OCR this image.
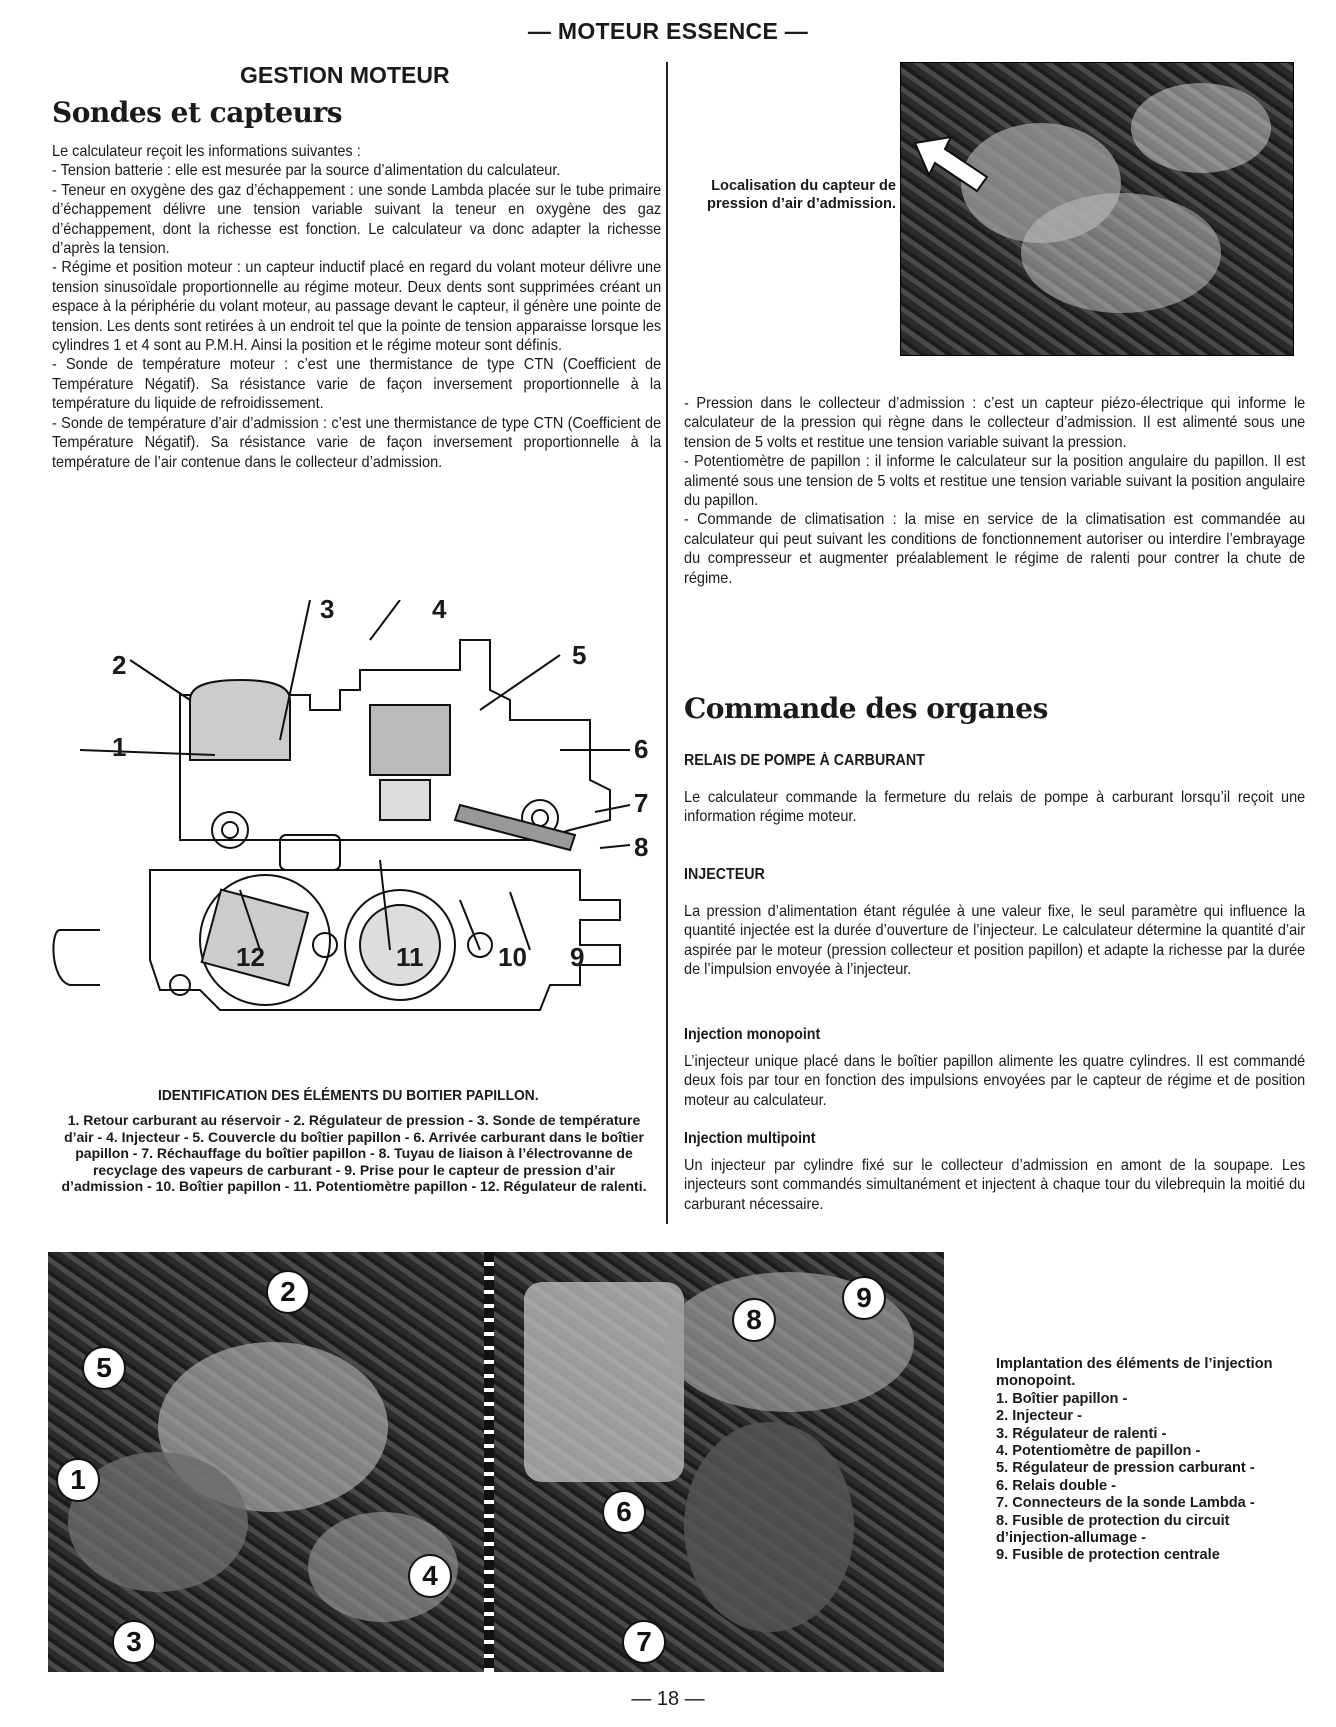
— MOTEUR ESSENCE —
GESTION MOTEUR
Sondes et capteurs

Le calculateur reçoit les informations suivantes :

- Tension batterie : elle est mesurée par la source d’alimentation du calculateur.

- Teneur en oxygène des gaz d’échappement : une sonde Lambda placée sur le tube primaire d’échappement délivre une tension variable suivant la teneur en oxygène des gaz d’échappement, dont la richesse est fonction. Le calculateur va donc adapter la richesse d’après la tension.

- Régime et position moteur : un capteur inductif placé en regard du volant moteur délivre une tension sinusoïdale proportionnelle au régime moteur. Deux dents sont supprimées créant un espace à la périphérie du volant moteur, au passage devant le capteur, il génère une pointe de tension. Les dents sont retirées à un endroit tel que la pointe de tension apparaisse lorsque les cylindres 1 et 4 sont au P.M.H. Ainsi la position et le régime moteur sont définis.

- Sonde de température moteur : c’est une thermistance de type CTN (Coefficient de Température Négatif). Sa résistance varie de façon inversement proportionnelle à la température du liquide de refroidissement.

- Sonde de température d’air d’admission : c’est une thermistance de type CTN (Coefficient de Température Négatif). Sa résistance varie de façon inversement proportionnelle à la température de l’air contenue dans le collecteur d’admission.

Localisation du capteur de pression d’air d’admission.

- Pression dans le collecteur d’admission : c’est un capteur piézo-électrique qui informe le calculateur de la pression qui règne dans le collecteur d’admission. Il est alimenté sous une tension de 5 volts et restitue une tension variable suivant la pression.

- Potentiomètre de papillon : il informe le calculateur sur la position angulaire du papillon. Il est alimenté sous une tension de 5 volts et restitue une tension variable suivant la position angulaire du papillon.

- Commande de climatisation : la mise en service de la climatisation est commandée au calculateur qui peut suivant les conditions de fonctionnement autoriser ou interdire l’embrayage du compresseur et augmenter préalablement le régime de ralenti pour contrer la chute de régime.

Commande des organes
RELAIS DE POMPE À CARBURANT
Le calculateur commande la fermeture du relais de pompe à carburant lorsqu’il reçoit une information régime moteur.
INJECTEUR
La pression d’alimentation étant régulée à une valeur fixe, le seul paramètre qui influence la quantité injectée est la durée d’ouverture de l’injecteur. Le calculateur détermine la quantité d’air aspirée par le moteur (pression collecteur et position papillon) et adapte la richesse par la durée de l’impulsion envoyée à l’injecteur.
Injection monopoint
L’injecteur unique placé dans le boîtier papillon alimente les quatre cylindres. Il est commandé deux fois par tour en fonction des impulsions envoyées par le capteur de régime et de position moteur au calculateur.
Injection multipoint
Un injecteur par cylindre fixé sur le collecteur d’admission en amont de la soupape. Les injecteurs sont commandés simultanément et injectent à chaque tour du vilebrequin la moitié du carburant nécessaire.
1
2
3	4
5
6
7
8
9
10
11
12
IDENTIFICATION DES ÉLÉMENTS DU BOITIER PAPILLON.
1. Retour carburant au réservoir - 2. Régulateur de pression - 3. Sonde de température d’air - 4. Injecteur - 5. Couvercle du boîtier papillon - 6. Arrivée carburant dans le boîtier papillon - 7. Réchauffage du boîtier papillon - 8. Tuyau de liaison à l’électrovanne de recyclage des vapeurs de carburant - 9. Prise pour le capteur de pression d’air d’admission - 10. Boîtier papillon - 11. Potentiomètre papillon - 12. Régulateur de ralenti.
2
5
1
4
3
8
9
6
7
Implantation des éléments de l’injection monopoint.
1. Boîtier papillon -
2. Injecteur -
3. Régulateur de ralenti -
4. Potentiomètre de papillon -
5. Régulateur de pression carburant -
6. Relais double -
7. Connecteurs de la sonde Lambda -
8. Fusible de protection du circuit d’injection-allumage -
9. Fusible de protection centrale
— 18 —
